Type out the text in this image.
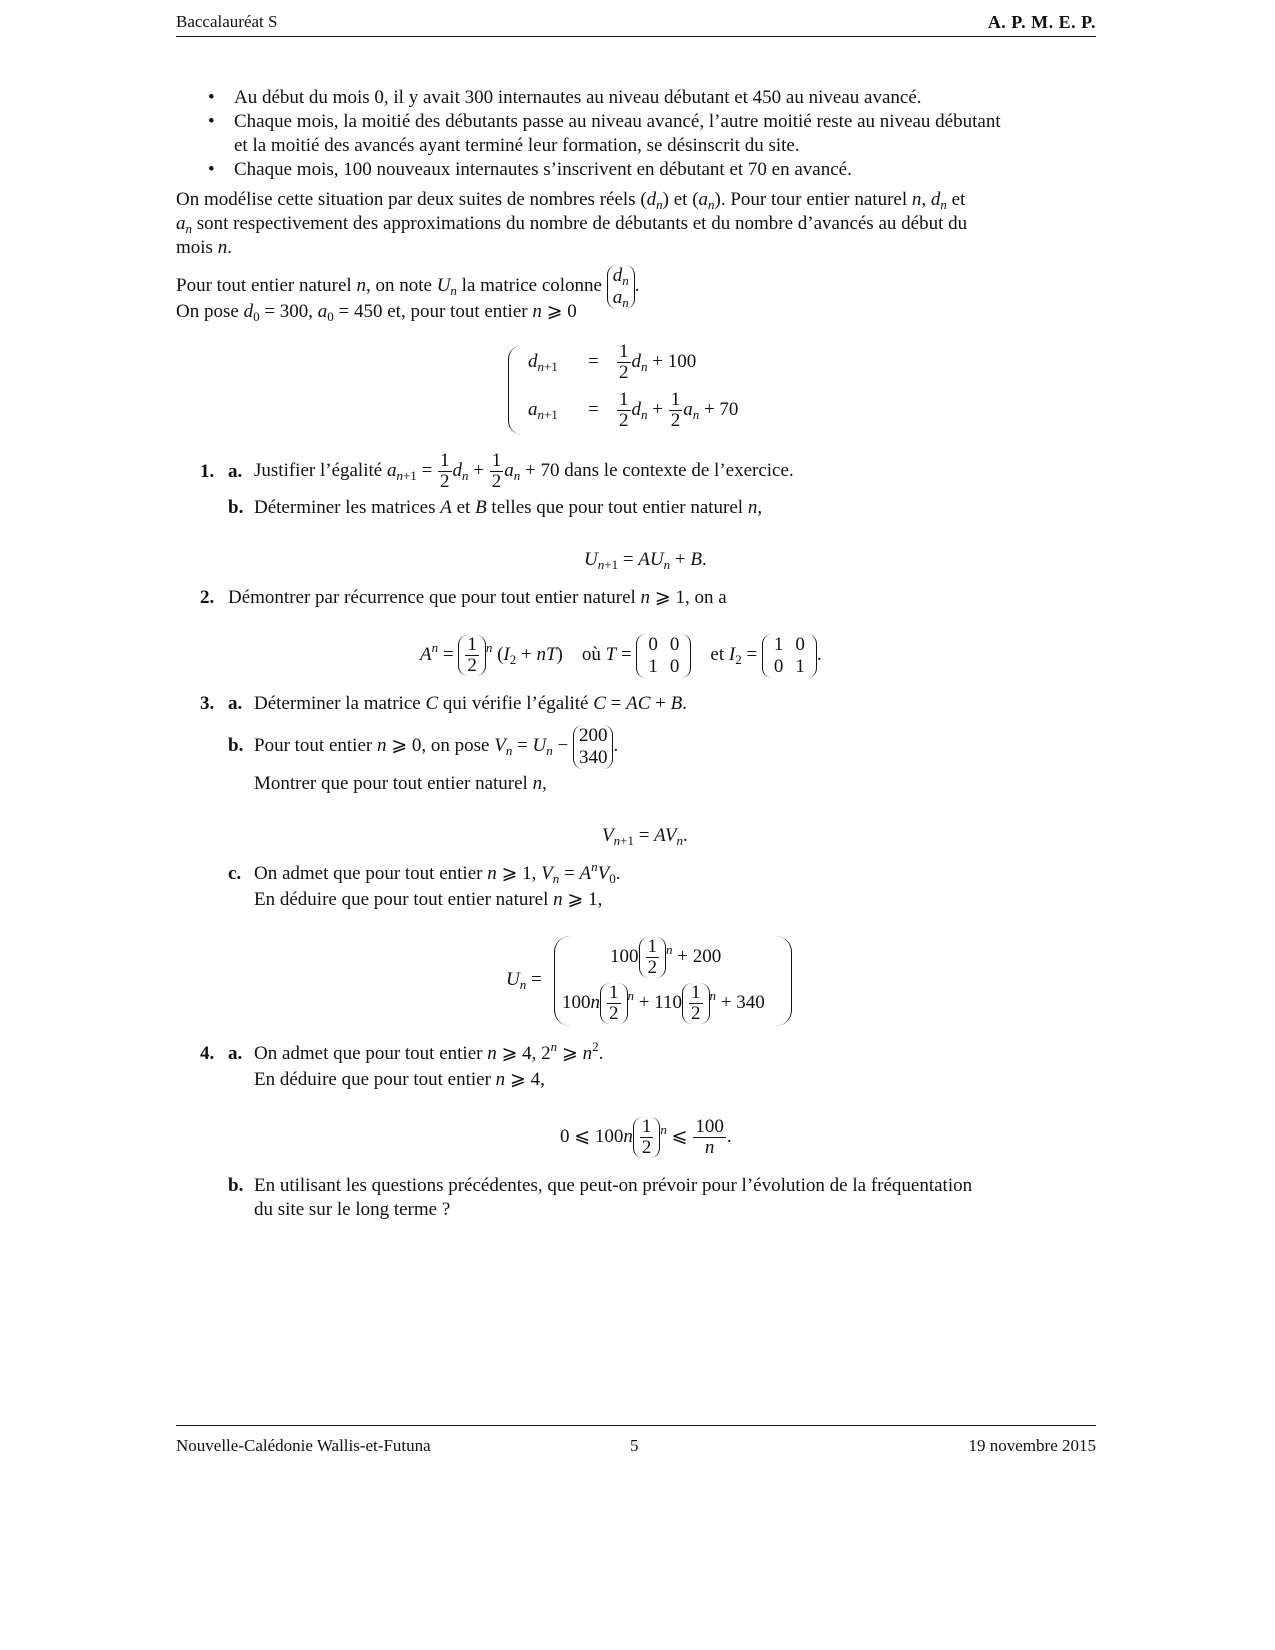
Baccalauréat S	A. P. M. E. P.
• Au début du mois 0, il y avait 300 internautes au niveau débutant et 450 au niveau avancé.
• Chaque mois, la moitié des débutants passe au niveau avancé, l’autre moitié reste au niveau débutant
et la moitié des avancés ayant terminé leur formation, se désinscrit du site.
• Chaque mois, 100 nouveaux internautes s’inscrivent en débutant et 70 en avancé.
On modélise cette situation par deux suites de nombres réels $(d_n)$ et $(a_n)$. Pour tour entier naturel n, $d_n$ et
$a_n$ sont respectivement des approximations du nombre de débutants et du nombre d’avancés au début du
mois n.
Pour tout entier naturel n, on note $U_n$ la matrice colonne $d_n$
$a_n$.
On pose $d_0 = 300$, $a_0 = 450$ et, pour tout entier n ⩾ 0
$d_{n+1} = \frac{1}{2} d_n + 100$
$a_{n+1} = \frac{1}{2} d_n + \frac{1}{2} a_n + 70$
1. a. Justifier l’égalité $a_{n+1} = \frac{1}{2} d_n + \frac{1}{2} a_n + 70$ dans le contexte de l’exercice.
b. Déterminer les matrices A et B telles que pour tout entier naturel n,
$U_{n+1} = AU_n + B$.
2. Démontrer par récurrence que pour tout entier naturel n ⩾ 1, on a
$A^n = \frac{1}{2} ^n$ $(I_2 + nT)$    où T = 0	0
1	0    et $I_2 = 1$	0
0	1.
3. a. Déterminer la matrice C qui vérifie l’égalité C = AC + B.
b. Pour tout entier n ⩾ 0, on pose $V_n = U_n - 200$
340.
Montrer que pour tout entier naturel n,
$V_{n+1} = AV_n$.
c. On admet que pour tout entier n ⩾ 1, $V_n = A^nV_0$.
En déduire que pour tout entier naturel n ⩾ 1,
$U_n$ =
$100 \frac{1}{2} ^n + 200$
$100n \frac{1}{2} ^n + 110 \frac{1}{2} ^n + 340$
4. a. On admet que pour tout entier n ⩾ 4, 2$^n$ ⩾ $n^2$.
En déduire que pour tout entier n ⩾ 4,
0 ⩽ $100n \frac{1}{2} ^n$ ⩽ $\frac{100}{n}$ .
b. En utilisant les questions précédentes, que peut-on prévoir pour l’évolution de la fréquentation
du site sur le long terme ?
Nouvelle-Calédonie Wallis-et-Futuna	5	19 novembre 2015
